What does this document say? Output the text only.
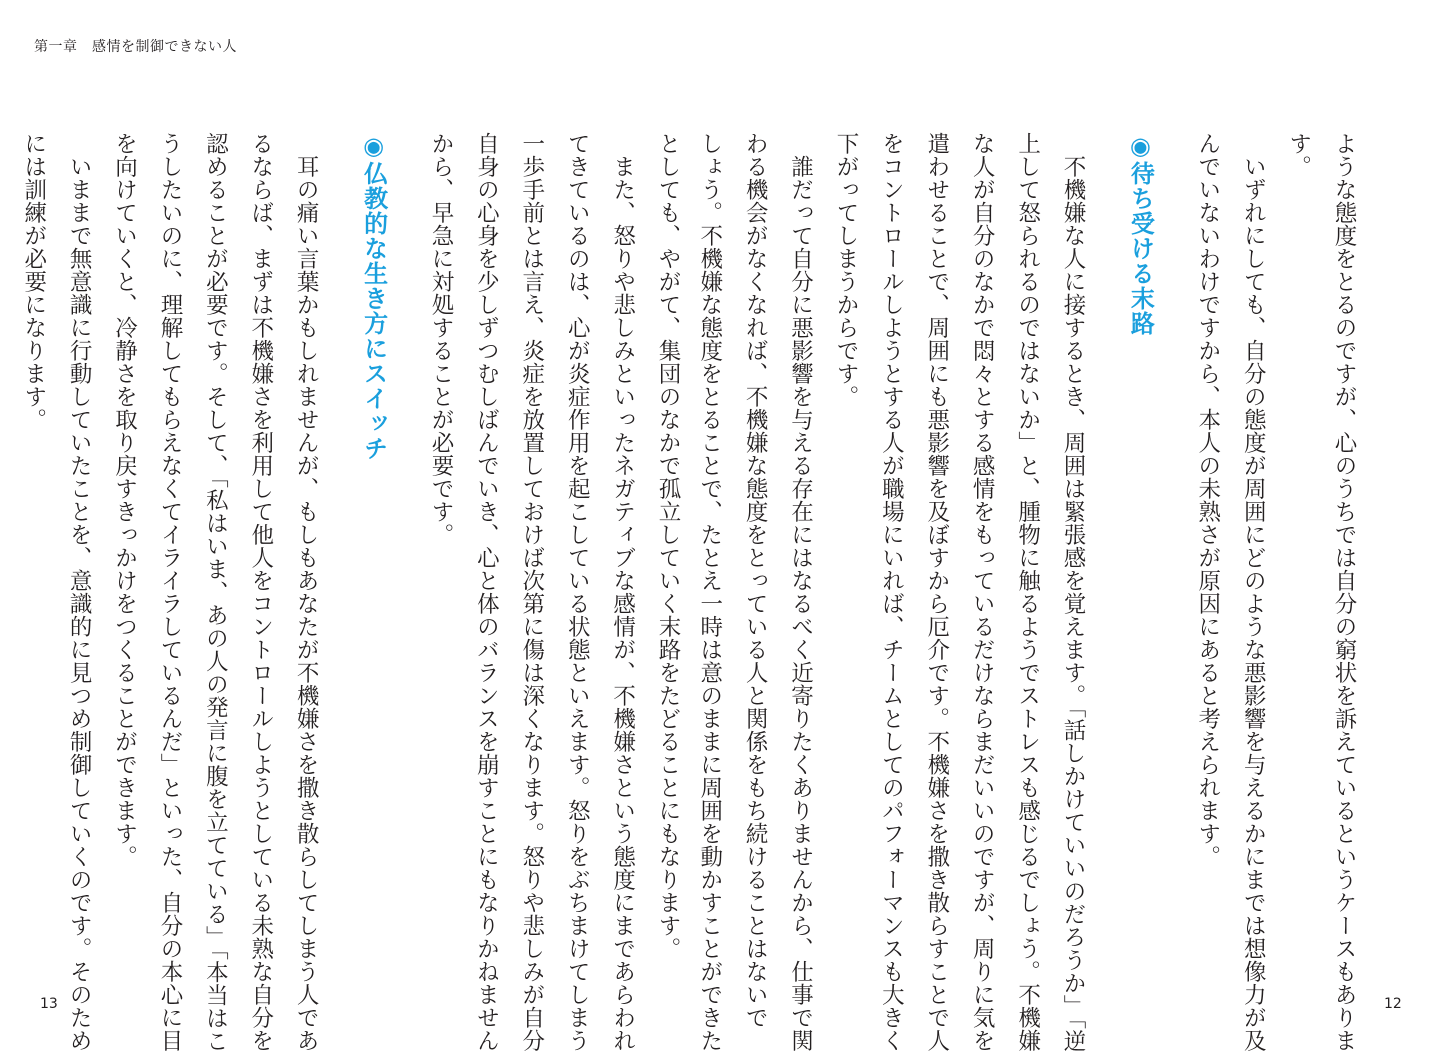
第一章　感情を制御できない人
ような態度をとるのですが、心のうちでは自分の窮状を訴えているというケースもありま
す。
　いずれにしても、自分の態度が周囲にどのような悪影響を与えるかにまでは想像力が及
んでいないわけですから、本人の未熟さが原因にあると考えられます。
◉待ち受ける末路
　不機嫌な人に接するとき、周囲は緊張感を覚えます。「話しかけていいのだろうか」「逆
上して怒られるのではないか」と、腫物に触るようでストレスも感じるでしょう。不機嫌
な人が自分のなかで悶々とする感情をもっているだけならまだいいのですが、周りに気を
遣わせることで、周囲にも悪影響を及ぼすから厄介です。不機嫌さを撒き散らすことで人
をコントロールしようとする人が職場にいれば、チームとしてのパフォーマンスも大きく
下がってしまうからです。
　誰だって自分に悪影響を与える存在にはなるべく近寄りたくありませんから、仕事で関
わる機会がなくなれば、不機嫌な態度をとっている人と関係をもち続けることはないで
しょう。不機嫌な態度をとることで、たとえ一時は意のままに周囲を動かすことができた
としても、やがて、集団のなかで孤立していく末路をたどることにもなります。
　また、怒りや悲しみといったネガティブな感情が、不機嫌さという態度にまであらわれ
てきているのは、心が炎症作用を起こしている状態といえます。怒りをぶちまけてしまう
一歩手前とは言え、炎症を放置しておけば次第に傷は深くなります。怒りや悲しみが自分
自身の心身を少しずつむしばんでいき、心と体のバランスを崩すことにもなりかねません
から、早急に対処することが必要です。
◉仏教的な生き方にスイッチ
　耳の痛い言葉かもしれませんが、もしもあなたが不機嫌さを撒き散らしてしまう人であ
るならば、まずは不機嫌さを利用して他人をコントロールしようとしている未熟な自分を
認めることが必要です。そして、「私はいま、あの人の発言に腹を立てている」「本当はこ
うしたいのに、理解してもらえなくてイライラしているんだ」といった、自分の本心に目
を向けていくと、冷静さを取り戻すきっかけをつくることができます。
　いままで無意識に行動していたことを、意識的に見つめ制御していくのです。そのため
には訓練が必要になります。
13	12
